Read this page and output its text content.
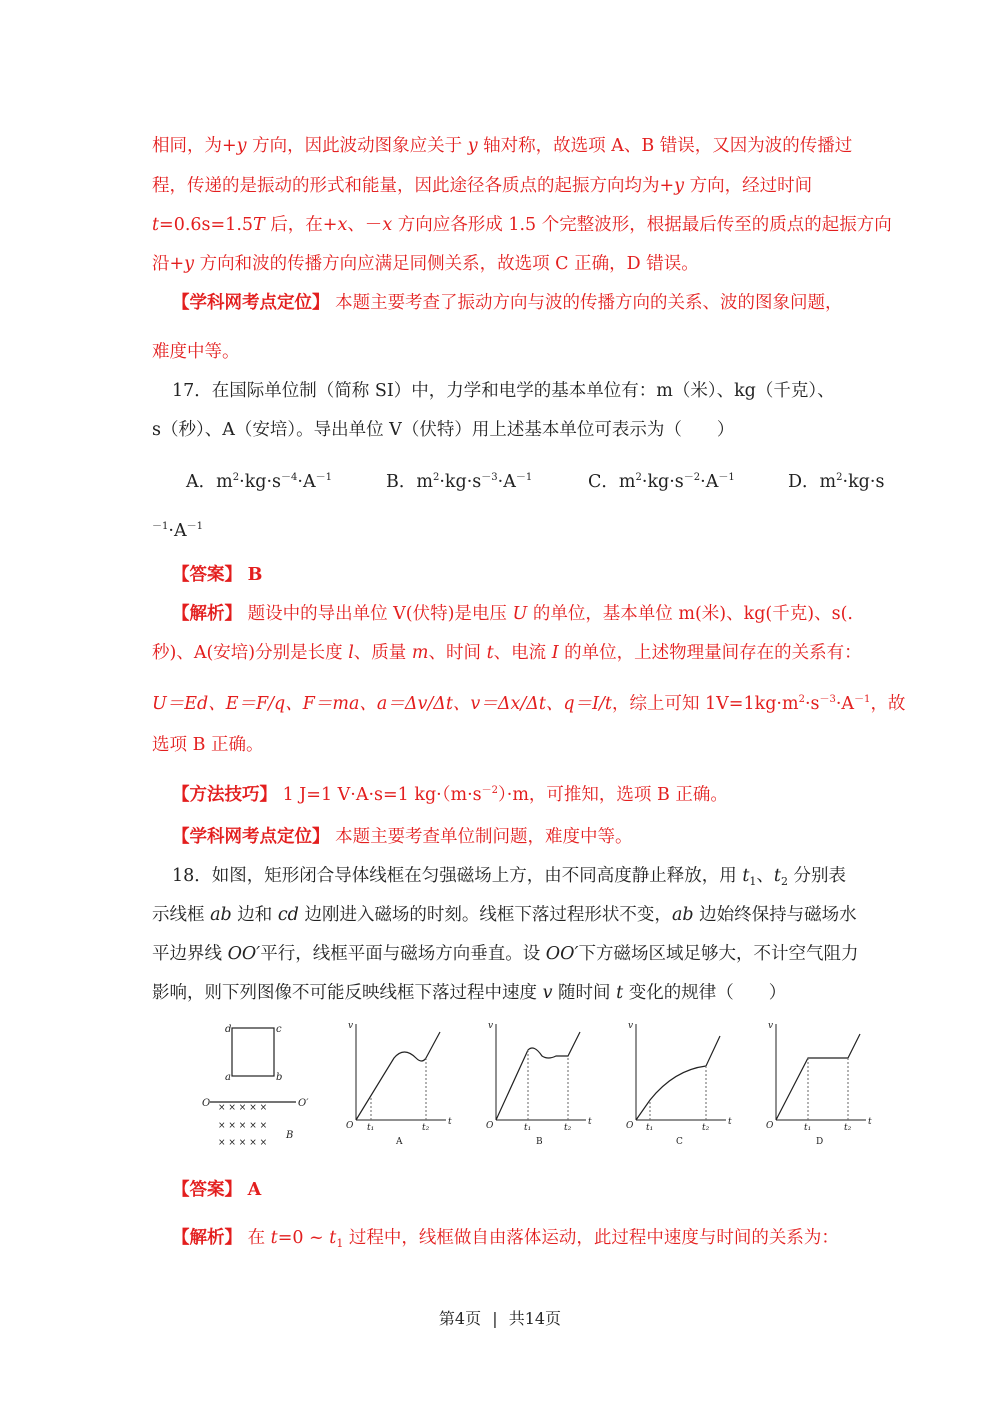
相同，为+y 方向，因此波动图象应关于 y 轴对称，故选项 A、B 错误，又因为波的传播过
程，传递的是振动的形式和能量，因此途径各质点的起振方向均为+y 方向，经过时间
t=0.6s=1.5T 后，在+x、－x 方向应各形成 1.5 个完整波形，根据最后传至的质点的起振方向
沿+y 方向和波的传播方向应满足同侧关系，故选项 C 正确，D 错误。
【学科网考点定位】 本题主要考查了振动方向与波的传播方向的关系、波的图象问题，
难度中等。
17．在国际单位制（简称 SI）中，力学和电学的基本单位有：m（米）、kg（千克）、
s（秒）、A（安培）。导出单位 V（伏特）用上述基本单位可表示为（　　）
A．$m^2\cdot kg\cdot s^{-4}\cdot A^{-1}$	B．$m^2\cdot kg\cdot s^{-3}\cdot A^{-1}$	C．$m^2\cdot kg\cdot s^{-2}\cdot A^{-1}$	D．$m^2\cdot kg\cdot s$
$^{-1}\cdot A^{-1}$
【答案】 B
【解析】 题设中的导出单位 V(伏特)是电压 U 的单位，基本单位 m(米)、kg(千克)、s(.
秒)、A(安培)分别是长度 l、质量 m、时间 t、电流 I 的单位，上述物理量间存在的关系有：
U＝Ed、E＝F/q、F＝ma、a＝Δv/Δt、v＝Δx/Δt、q＝I/t，综上可知 $1V=1kg\cdot m^2\cdot s^{-3}\cdot A^{-1}$，故
选项 B 正确。
【方法技巧】 1 J=1 V·A·s=1 $kg\cdot(m\cdot s^{-2})\cdot m$，可推知，选项 B 正确。
【学科网考点定位】 本题主要考查单位制问题，难度中等。
18．如图，矩形闭合导体线框在匀强磁场上方，由不同高度静止释放，用 $t_1$、$t_2$ 分别表
示线框 ab 边和 cd 边刚进入磁场的时刻。线框下落过程形状不变，ab 边始终保持与磁场水
平边界线 OO′平行，线框平面与磁场方向垂直。设 OO′下方磁场区域足够大，不计空气阻力
影响，则下列图像不可能反映线框下落过程中速度 v 随时间 t 变化的规律（　　）
d	c
a	b
O	O′
× × × × ×
× × × × ×
× × × × ×
B
v
t
O t₁	t₂
A
v
t
O	t₁	t₂
B
v
t
O t₁	t₂
C
v
t
O	t₁	t₂
D
【答案】 A
【解析】 在 t=0 ~ $t_1$ 过程中，线框做自由落体运动，此过程中速度与时间的关系为：
第4页 | 共14页
